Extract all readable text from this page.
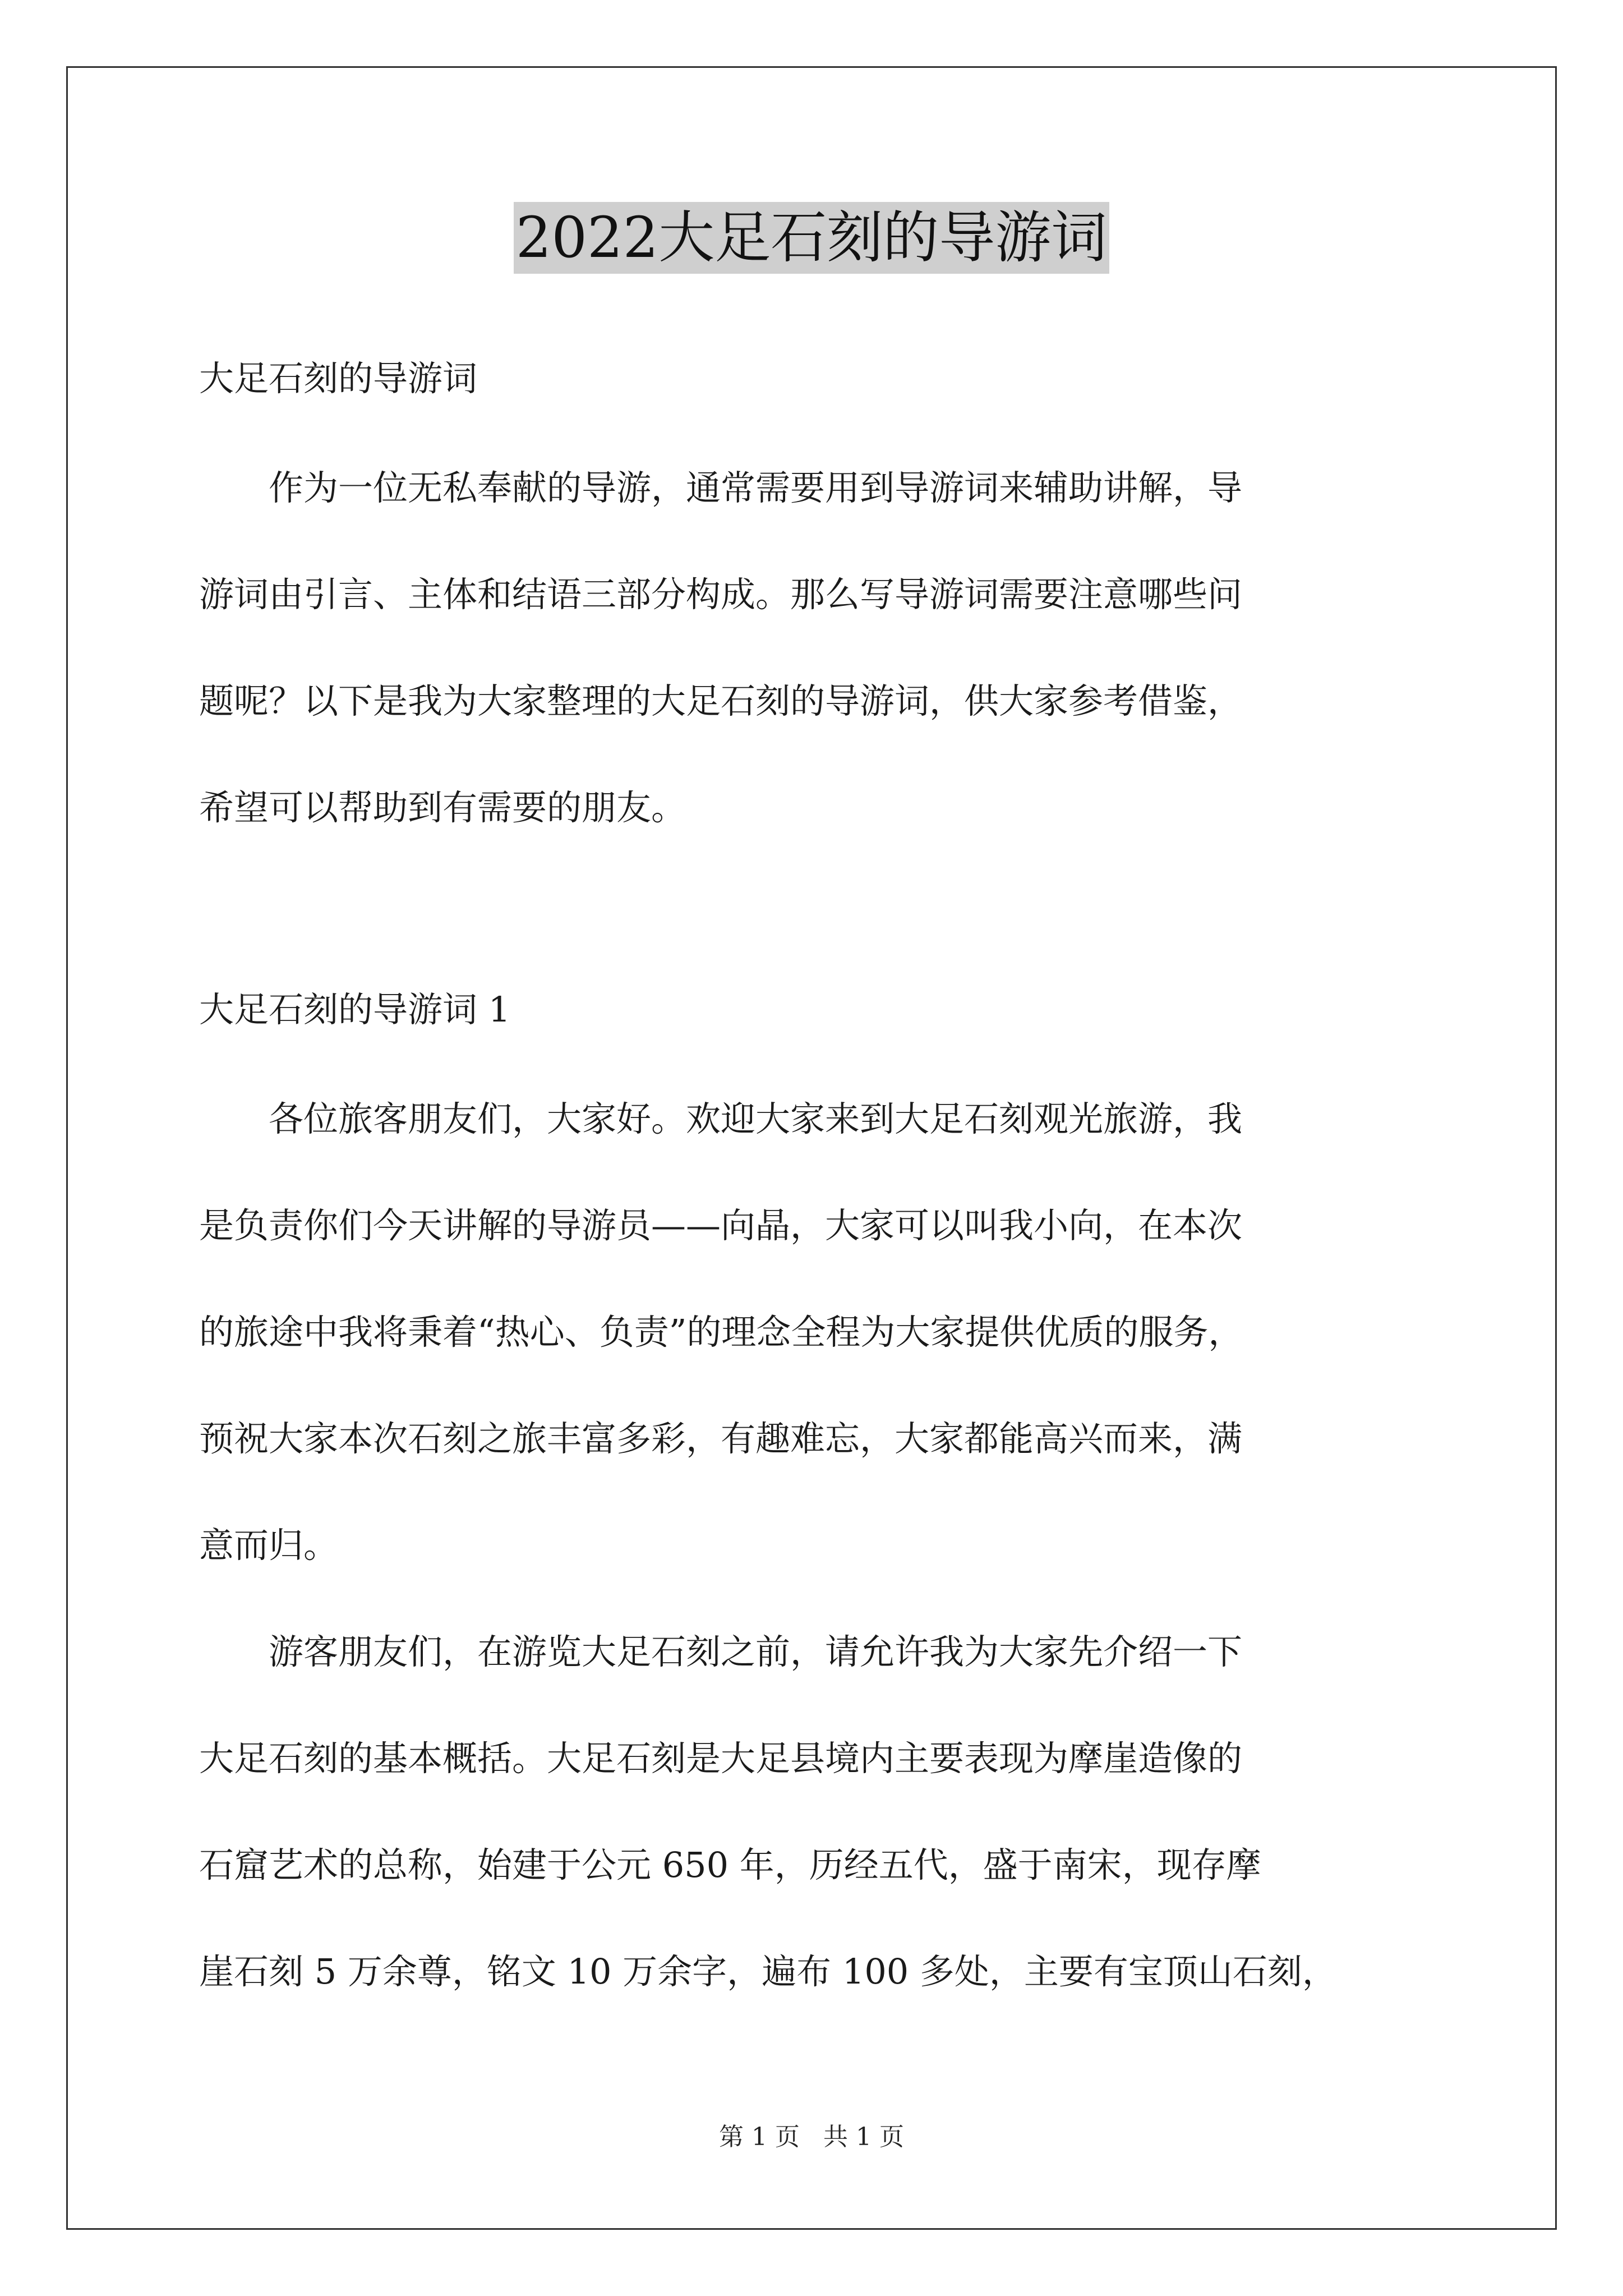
2022大足石刻的导游词

大足石刻的导游词

　　作为一位无私奉献的导游，通常需要用到导游词来辅助讲解，导

游词由引言、主体和结语三部分构成。那么写导游词需要注意哪些问

题呢？以下是我为大家整理的大足石刻的导游词，供大家参考借鉴，

希望可以帮助到有需要的朋友。

大足石刻的导游词 1

　　各位旅客朋友们，大家好。欢迎大家来到大足石刻观光旅游，我

是负责你们今天讲解的导游员——向晶，大家可以叫我小向，在本次

的旅途中我将秉着“热心、负责”的理念全程为大家提供优质的服务，

预祝大家本次石刻之旅丰富多彩，有趣难忘，大家都能高兴而来，满

意而归。

　　游客朋友们，在游览大足石刻之前，请允许我为大家先介绍一下

大足石刻的基本概括。大足石刻是大足县境内主要表现为摩崖造像的

石窟艺术的总称，始建于公元 650 年，历经五代，盛于南宋，现存摩

崖石刻 5 万余尊，铭文 10 万余字，遍布 100 多处，主要有宝顶山石刻，

第 1 页 共 1 页
